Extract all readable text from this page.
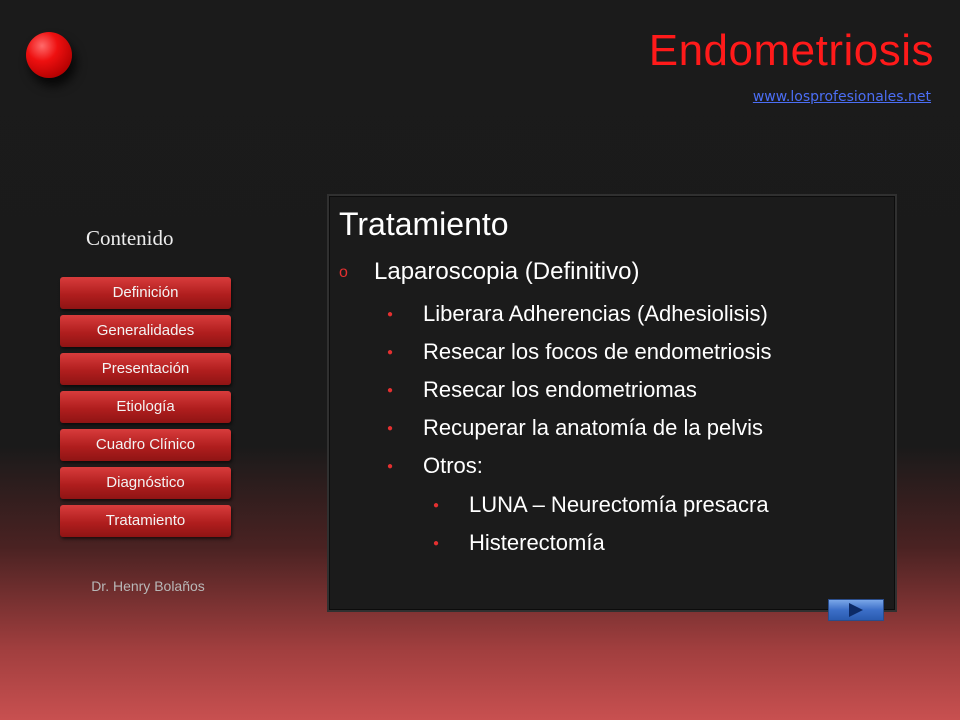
Endometriosis
www.losprofesionales.net
Contenido
Definición
Generalidades
Presentación
Etiología
Cuadro Clínico
Diagnóstico
Tratamiento
Dr. Henry Bolaños
Tratamiento
o Laparoscopia (Definitivo)
● Liberara Adherencias (Adhesiolisis)
● Resecar los focos de endometriosis
● Resecar los endometriomas
● Recuperar la anatomía de la pelvis
● Otros:
● LUNA – Neurectomía presacra
● Histerectomía
